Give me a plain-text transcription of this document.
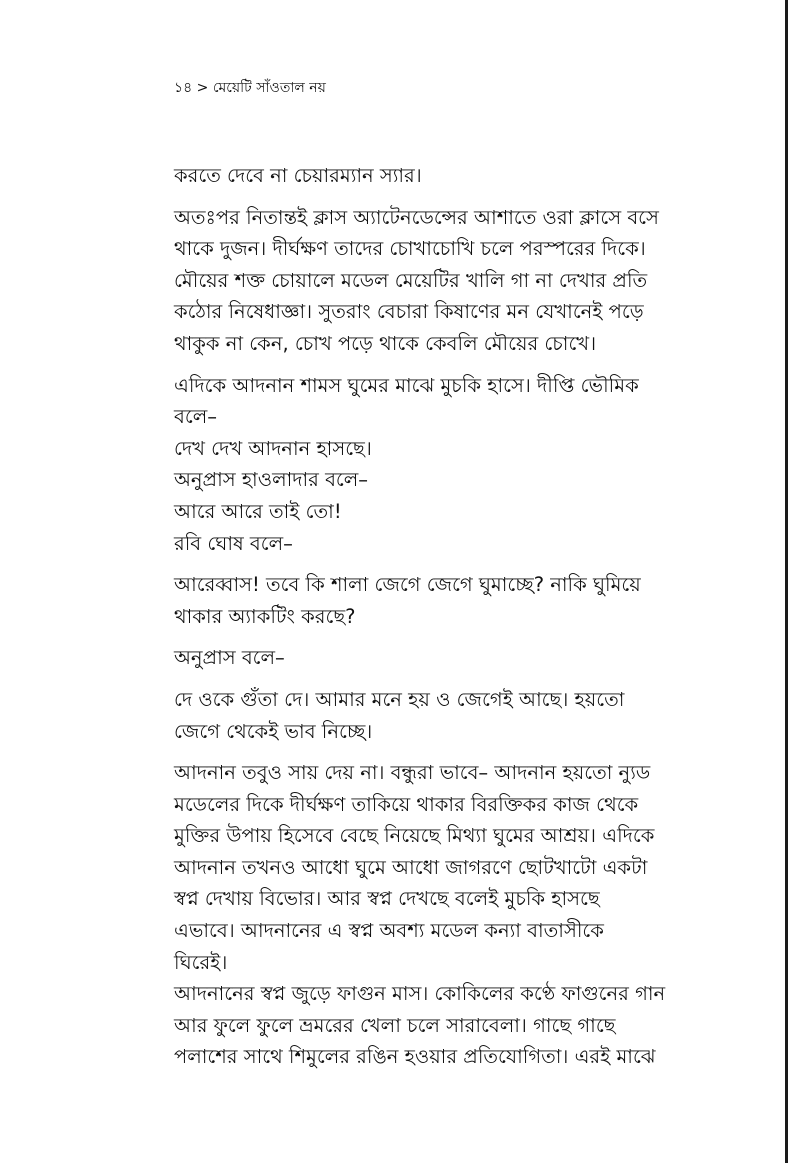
১৪ > মেয়েটি সাঁওতাল নয়

করতে দেবে না চেয়ারম্যান স্যার।

অতঃপর নিতান্তই ক্লাস অ্যাটেনডেন্সের আশাতে ওরা ক্লাসে বসে

থাকে দুজন। দীর্ঘক্ষণ তাদের চোখাচোখি চলে পরস্পরের দিকে।

মৌয়ের শক্ত চোয়ালে মডেল মেয়েটির খালি গা না দেখার প্রতি

কঠোর নিষেধাজ্ঞা। সুতরাং বেচারা কিষাণের মন যেখানেই পড়ে

থাকুক না কেন, চোখ পড়ে থাকে কেবলি মৌয়ের চোখে।

এদিকে আদনান শামস ঘুমের মাঝে মুচকি হাসে। দীপ্তি ভৌমিক

বলে–

দেখ দেখ আদনান হাসছে।

অনুপ্রাস হাওলাদার বলে–

আরে আরে তাই তো!

রবি ঘোষ বলে–

আরেব্বাস! তবে কি শালা জেগে জেগে ঘুমাচ্ছে? নাকি ঘুমিয়ে

থাকার অ্যাকটিং করছে?

অনুপ্রাস বলে–

দে ওকে গুঁতা দে। আমার মনে হয় ও জেগেই আছে। হয়তো

জেগে থেকেই ভাব নিচ্ছে।

আদনান তবুও সায় দেয় না। বন্ধুরা ভাবে– আদনান হয়তো ন্যুড

মডেলের দিকে দীর্ঘক্ষণ তাকিয়ে থাকার বিরক্তিকর কাজ থেকে

মুক্তির উপায় হিসেবে বেছে নিয়েছে মিথ্যা ঘুমের আশ্রয়। এদিকে

আদনান তখনও আধো ঘুমে আধো জাগরণে ছোটখাটো একটা

স্বপ্ন দেখায় বিভোর। আর স্বপ্ন দেখছে বলেই মুচকি হাসছে

এভাবে। আদনানের এ স্বপ্ন অবশ্য মডেল কন্যা বাতাসীকে

ঘিরেই।

আদনানের স্বপ্ন জুড়ে ফাগুন মাস। কোকিলের কণ্ঠে ফাগুনের গান

আর ফুলে ফুলে ভ্রমরের খেলা চলে সারাবেলা। গাছে গাছে

পলাশের সাথে শিমুলের রঙিন হওয়ার প্রতিযোগিতা। এরই মাঝে
